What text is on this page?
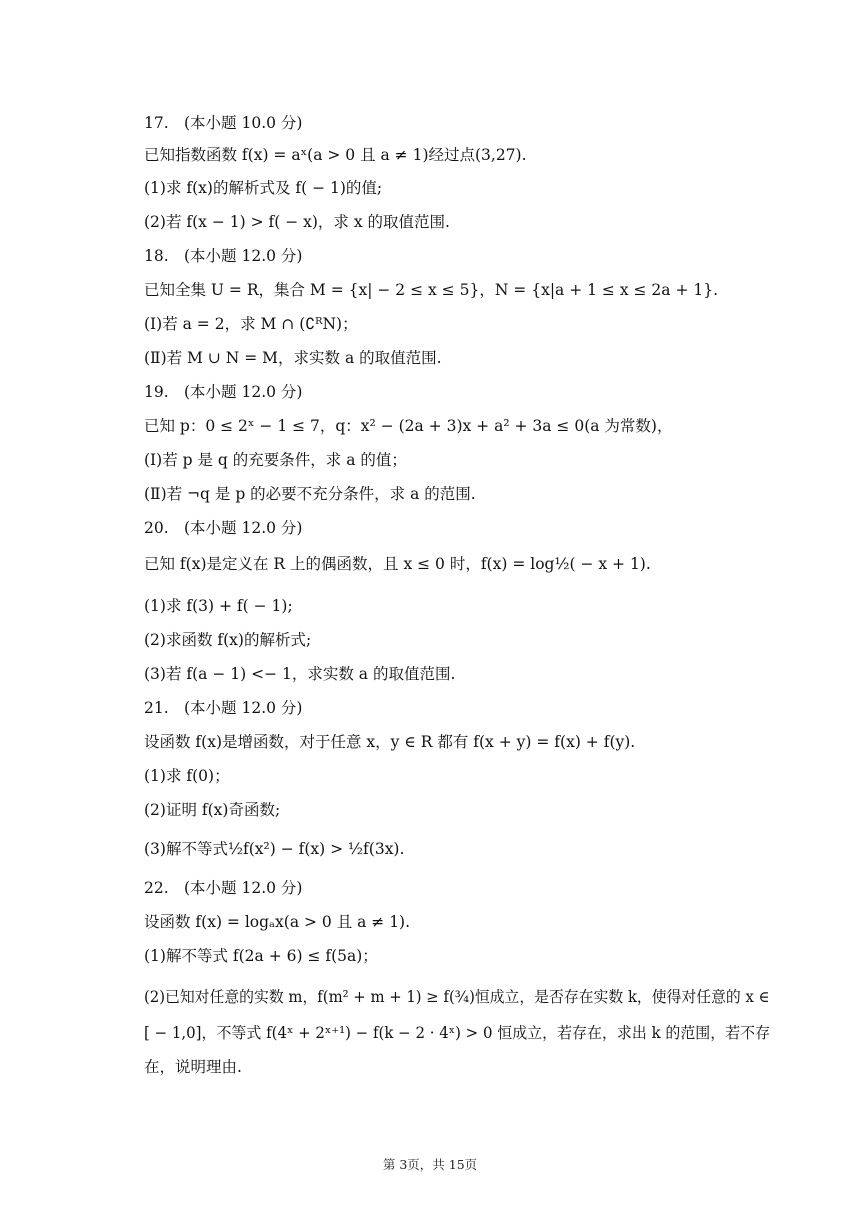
17. (本小题 10.0 分)
已知指数函数 f(x) = aˣ(a > 0 且 a ≠ 1)经过点(3,27).
(1)求 f(x)的解析式及 f( − 1)的值;
(2)若 f(x − 1) > f( − x)，求 x 的取值范围.
18. (本小题 12.0 分)
已知全集 U = R，集合 M = {x| − 2 ≤ x ≤ 5}，N = {x|a + 1 ≤ x ≤ 2a + 1}.
(Ⅰ)若 a = 2，求 M ∩ (∁ᴿN)；
(Ⅱ)若 M ∪ N = M，求实数 a 的取值范围.
19. (本小题 12.0 分)
已知 p：0 ≤ 2ˣ − 1 ≤ 7，q：x² − (2a + 3)x + a² + 3a ≤ 0(a 为常数)，
(Ⅰ)若 p 是 q 的充要条件，求 a 的值；
(Ⅱ)若 ¬q 是 p 的必要不充分条件，求 a 的范围.
20. (本小题 12.0 分)
已知 f(x)是定义在 R 上的偶函数，且 x ≤ 0 时，f(x) = log½( − x + 1).
(1)求 f(3) + f( − 1);
(2)求函数 f(x)的解析式;
(3)若 f(a − 1) <− 1，求实数 a 的取值范围.
21. (本小题 12.0 分)
设函数 f(x)是增函数，对于任意 x，y ∈ R 都有 f(x + y) = f(x) + f(y).
(1)求 f(0)；
(2)证明 f(x)奇函数;
(3)解不等式½f(x²) − f(x) > ½f(3x).
22. (本小题 12.0 分)
设函数 f(x) = logₐx(a > 0 且 a ≠ 1).
(1)解不等式 f(2a + 6) ≤ f(5a)；
(2)已知对任意的实数 m，f(m² + m + 1) ≥ f(¾)恒成立，是否存在实数 k，使得对任意的 x ∈
[ − 1,0]，不等式 f(4ˣ + 2ˣ⁺¹) − f(k − 2 · 4ˣ) > 0 恒成立，若存在，求出 k 的范围，若不存
在，说明理由.
第 3页，共 15页
